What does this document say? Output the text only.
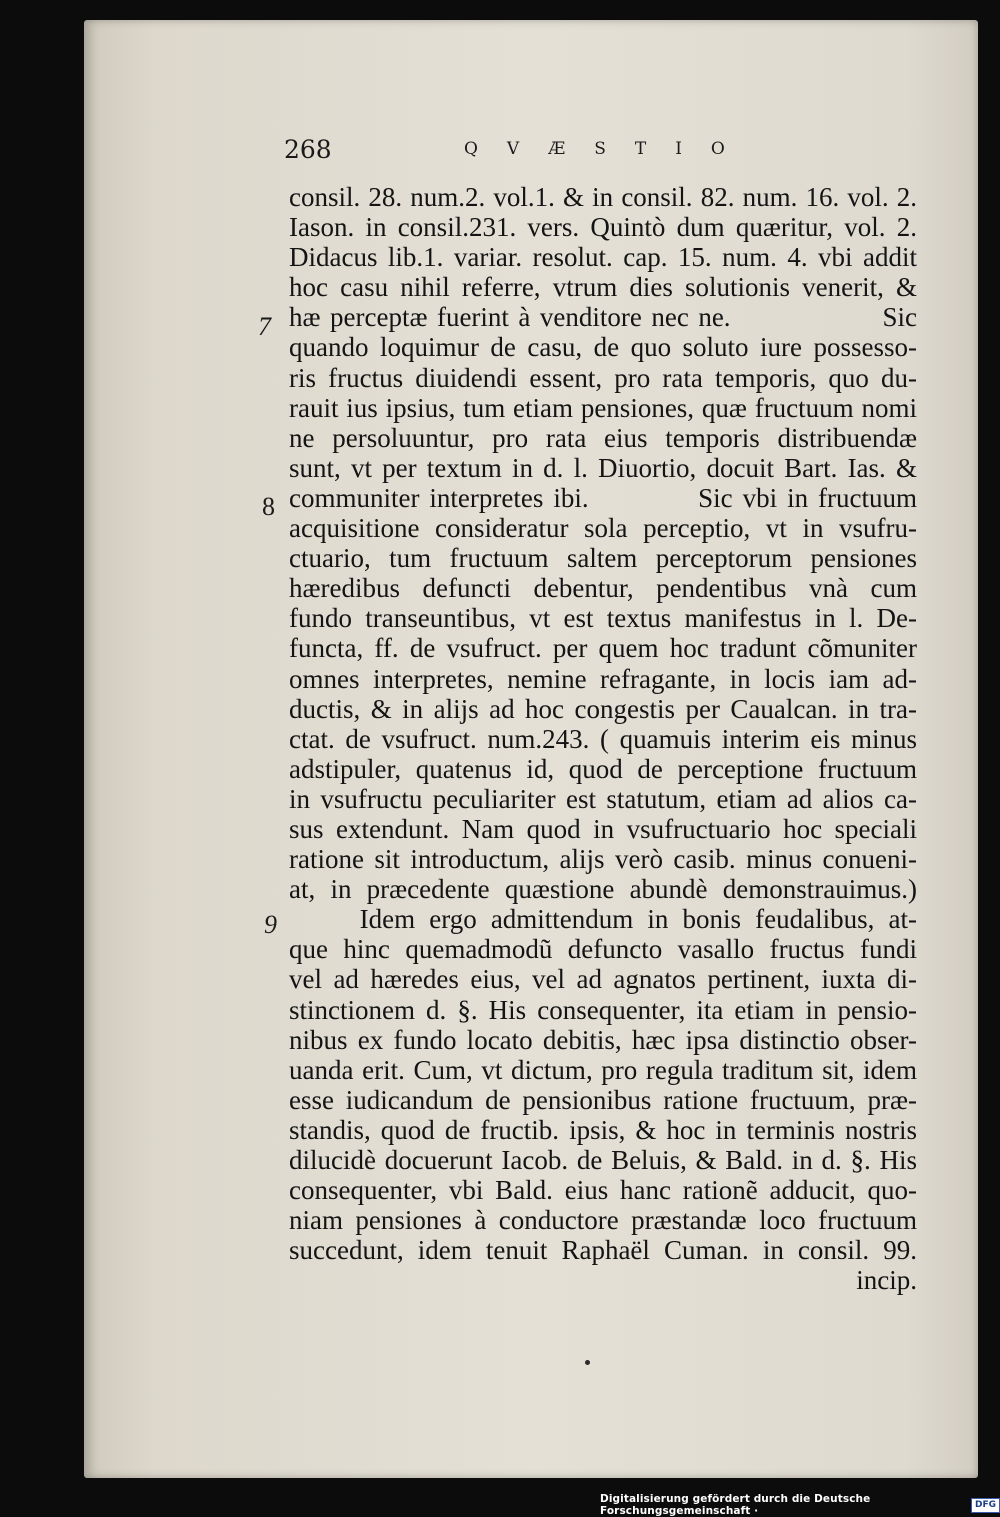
268	QVÆSTIO
7
8
9
consil. 28. num.2. vol.1. & in consil. 82. num. 16. vol. 2.
Iason. in consil.231. vers. Quintò dum quæritur, vol. 2.
Didacus lib.1. variar. resolut. cap. 15. num. 4. vbi addit
hoc casu nihil referre, vtrum dies solutionis venerit, &
hæ perceptæ fuerint à venditore nec ne.                Sic
quando loquimur de casu, de quo soluto iure possesso-
ris fructus diuidendi essent, pro rata temporis, quo du-
rauit ius ipsius, tum etiam pensiones, quæ fructuum nomi
ne persoluuntur, pro rata eius temporis distribuendæ
sunt, vt per textum in d. l. Diuortio, docuit Bart. Ias. &
communiter interpretes ibi.           Sic vbi in fructuum
acquisitione consideratur sola perceptio, vt in vsufru-
ctuario, tum fructuum saltem perceptorum pensiones
hæredibus defuncti debentur, pendentibus vnà cum
fundo transeuntibus, vt est textus manifestus in l. De-
functa, ff. de vsufruct. per quem hoc tradunt cõmuniter
omnes interpretes, nemine refragante, in locis iam ad-
ductis, & in alijs ad hoc congestis per Caualcan. in tra-
ctat. de vsufruct. num.243. ( quamuis interim eis minus
adstipuler, quatenus id, quod de perceptione fructuum
in vsufructu peculiariter est statutum, etiam ad alios ca-
sus extendunt. Nam quod in vsufructuario hoc speciali
ratione sit introductum, alijs verò casib. minus conueni-
at, in præcedente quæstione abundè demonstrauimus.)
Idem ergo admittendum in bonis feudalibus, at-
que hinc quemadmodũ defuncto vasallo fructus fundi
vel ad hæredes eius, vel ad agnatos pertinent, iuxta di-
stinctionem d. §. His consequenter, ita etiam in pensio-
nibus ex fundo locato debitis, hæc ipsa distinctio obser-
uanda erit. Cum, vt dictum, pro regula traditum sit, idem
esse iudicandum de pensionibus ratione fructuum, præ-
standis, quod de fructib. ipsis, & hoc in terminis nostris
dilucidè docuerunt Iacob. de Beluis, & Bald. in d. §. His
consequenter, vbi Bald. eius hanc rationẽ adducit, quo-
niam pensiones à conductore præstandæ loco fructuum
succedunt, idem tenuit Raphaël Cuman. in consil. 99.
incip.
Digitalisierung gefördert durch die Deutsche Forschungsgemeinschaft ·
DFG
